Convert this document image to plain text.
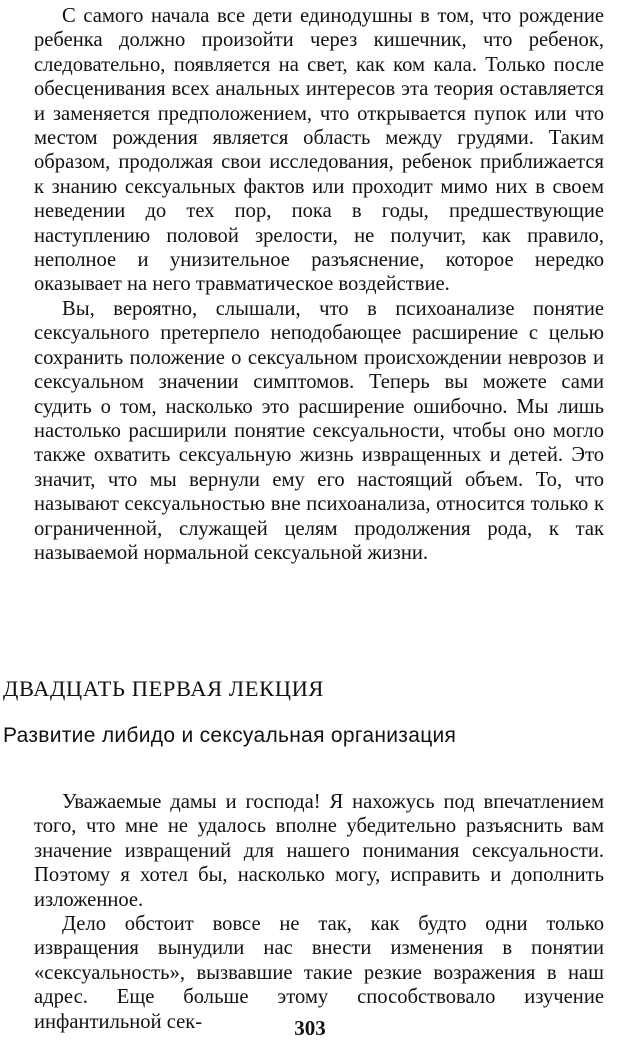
С самого начала все дети единодушны в том, что рождение ребенка должно произойти через кишечник, что ребенок, следовательно, появляется на свет, как ком кала. Только после обесценивания всех анальных интересов эта теория оставляется и заменяется предположением, что открывается пупок или что местом рождения является область между грудями. Таким образом, продолжая свои исследования, ребенок приближается к знанию сексуальных фактов или проходит мимо них в своем неведении до тех пор, пока в годы, предшествующие наступлению половой зрелости, не получит, как правило, неполное и унизительное разъяснение, которое нередко оказывает на него травматическое воздействие.

Вы, вероятно, слышали, что в психоанализе понятие сексуального претерпело неподобающее расширение с целью сохранить положение о сексуальном происхождении неврозов и сексуальном значении симптомов. Теперь вы можете сами судить о том, насколько это расширение ошибочно. Мы лишь настолько расширили понятие сексуальности, чтобы оно могло также охватить сексуальную жизнь извращенных и детей. Это значит, что мы вернули ему его настоящий объем. То, что называют сексуальностью вне психоанализа, относится только к ограниченной, служащей целям продолжения рода, к так называемой нормальной сексуальной жизни.

ДВАДЦАТЬ ПЕРВАЯ ЛЕКЦИЯ
Развитие либидо и сексуальная организация

Уважаемые дамы и господа! Я нахожусь под впечатлением того, что мне не удалось вполне убедительно разъяснить вам значение извращений для нашего понимания сексуальности. Поэтому я хотел бы, насколько могу, исправить и дополнить изложенное.

Дело обстоит вовсе не так, как будто одни только извращения вынудили нас внести изменения в понятии «сексуальность», вызвавшие такие резкие возражения в наш адрес. Еще больше этому способствовало изучение инфантильной сек-	303
